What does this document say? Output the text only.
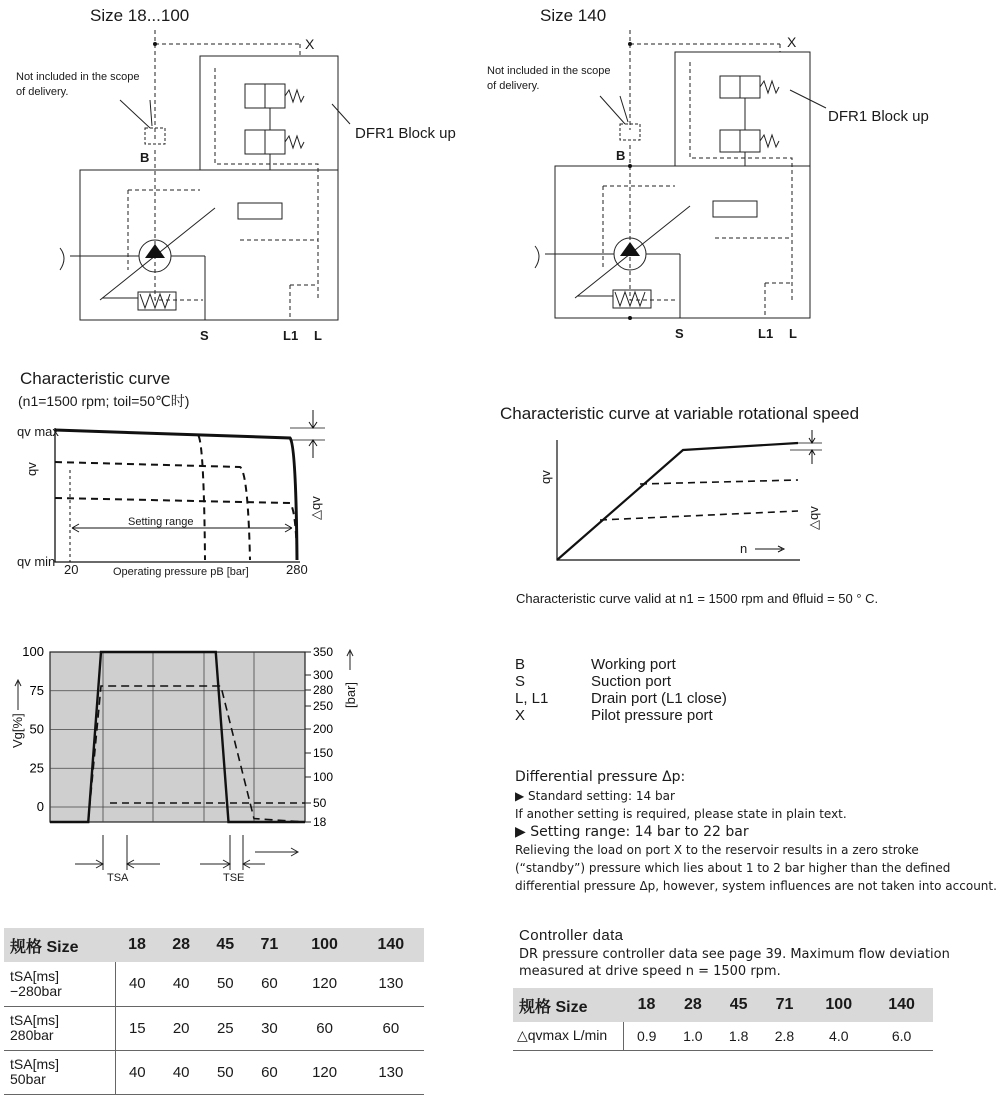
Size 18...100
Not included in the scope
of delivery.
DFR1 Block up
X
B
S	L1 L
Size 140
Not included in the scope
of delivery.
DFR1 Block up
X
B
S	L1 L
Characteristic curve
(n1=1500 rpm; toil=50℃时)
qv max
qv
qv min
△qv
Setting range
20	Operating pressure pB [bar]	280
Characteristic curve at variable rotational speed
qv
n
△qv
Characteristic curve valid at n1 = 1500 rpm and θfluid = 50 ° C.
100
75
50
25
0
350
300
280
250
200
150
100
50
18
Vg[%]
[bar]
TSA	TSE
B	Working port
S	Suction port
L, L1	Drain port (L1 close)
X	Pilot pressure port
Differential pressure Δp:
▶ Standard setting: 14 bar
If another setting is required, please state in plain text.
▶ Setting range: 14 bar to 22 bar
Relieving the load on port X to the reservoir results in a zero stroke
(“standby”) pressure which lies about 1 to 2 bar higher than the defined
differential pressure Δp, however, system influences are not taken into account.
Controller data
DR pressure controller data see page 39. Maximum flow deviation
measured at drive speed n = 1500 rpm.
规格 Size	18	28	45	71	100	140

tSA[ms]
−280bar	40	40	50	60	120	130

tSA[ms]
280bar	15	20	25	30	60	60

tSA[ms]
50bar	40	40	50	60	120	130
规格 Size	18	28	45	71	100	140
△qvmax L/min	0.9	1.0	1.8	2.8	4.0	6.0
